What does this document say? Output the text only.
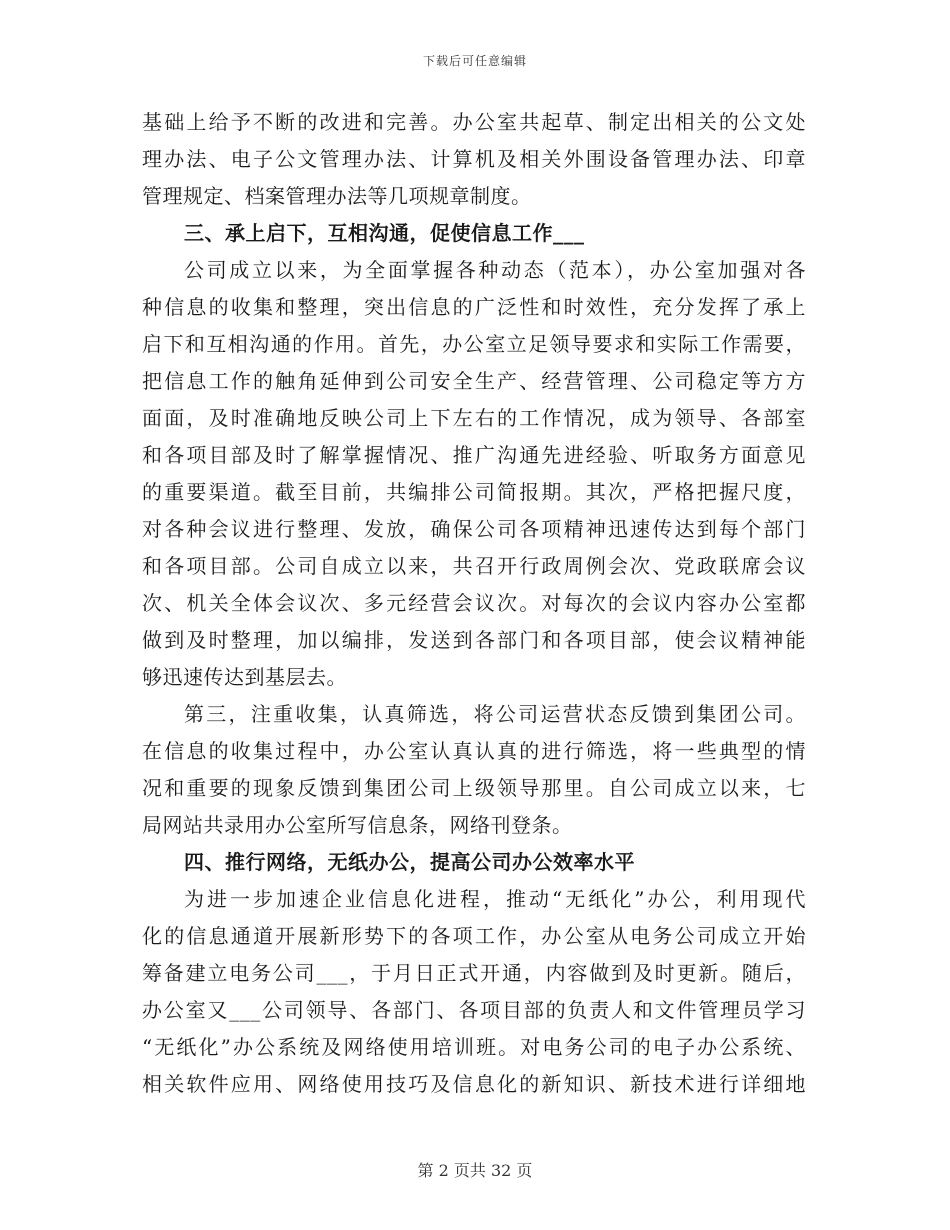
下载后可任意编辑
基础上给予不断的改进和完善。办公室共起草、制定出相关的公文处
理办法、电子公文管理办法、计算机及相关外围设备管理办法、印章
管理规定、档案管理办法等几项规章制度。
三、承上启下，互相沟通，促使信息工作___
公司成立以来，为全面掌握各种动态（范本），办公室加强对各
种信息的收集和整理，突出信息的广泛性和时效性，充分发挥了承上
启下和互相沟通的作用。首先，办公室立足领导要求和实际工作需要，
把信息工作的触角延伸到公司安全生产、经营管理、公司稳定等方方
面面，及时准确地反映公司上下左右的工作情况，成为领导、各部室
和各项目部及时了解掌握情况、推广沟通先进经验、听取务方面意见
的重要渠道。截至目前，共编排公司简报期。其次，严格把握尺度，
对各种会议进行整理、发放，确保公司各项精神迅速传达到每个部门
和各项目部。公司自成立以来，共召开行政周例会次、党政联席会议
次、机关全体会议次、多元经营会议次。对每次的会议内容办公室都
做到及时整理，加以编排，发送到各部门和各项目部，使会议精神能
够迅速传达到基层去。
第三，注重收集，认真筛选，将公司运营状态反馈到集团公司。
在信息的收集过程中，办公室认真认真的进行筛选，将一些典型的情
况和重要的现象反馈到集团公司上级领导那里。自公司成立以来，七
局网站共录用办公室所写信息条，网络刊登条。
四、推行网络，无纸办公，提高公司办公效率水平
为进一步加速企业信息化进程，推动“无纸化”办公，利用现代
化的信息通道开展新形势下的各项工作，办公室从电务公司成立开始
筹备建立电务公司___，于月日正式开通，内容做到及时更新。随后，
办公室又___公司领导、各部门、各项目部的负责人和文件管理员学习
“无纸化”办公系统及网络使用培训班。对电务公司的电子办公系统、
相关软件应用、网络使用技巧及信息化的新知识、新技术进行详细地
第 2 页共 32 页
